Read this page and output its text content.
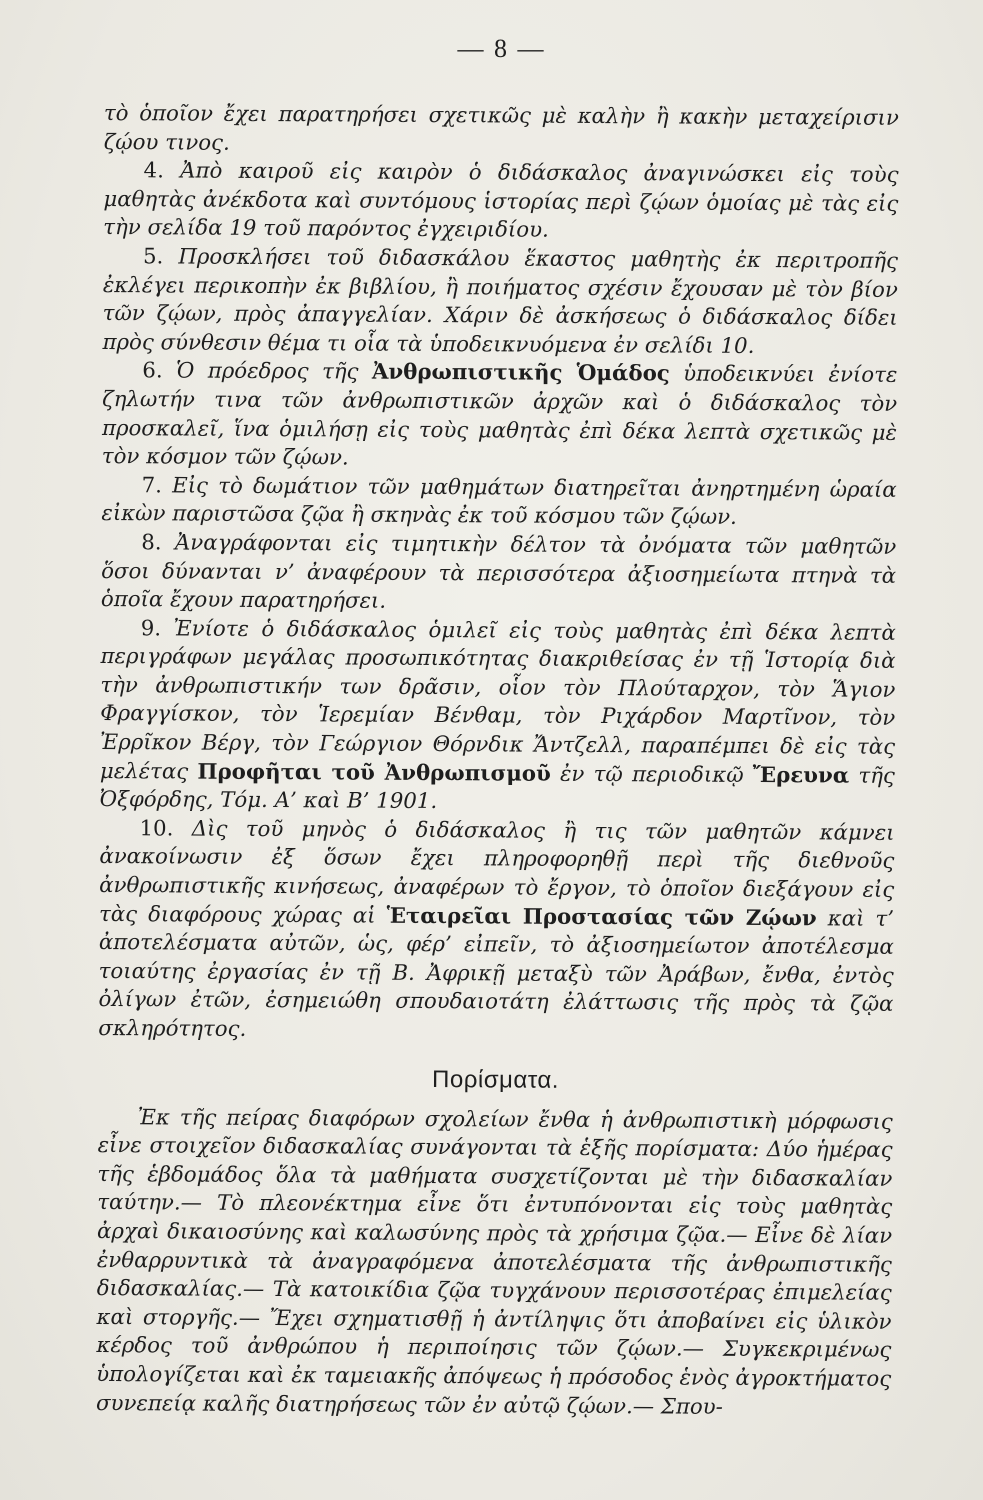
— 8 —

τὸ ὁποῖον ἔχει παρατηρήσει σχετικῶς μὲ καλὴν ἢ κακὴν μεταχείρισιν ζῴου τινος.

4. Ἀπὸ καιροῦ εἰς καιρὸν ὁ διδάσκαλος ἀναγινώσκει εἰς τοὺς μαθητὰς ἀνέκδοτα καὶ συντόμους ἱστορίας περὶ ζῴων ὁμοίας μὲ τὰς εἰς τὴν σελίδα 19 τοῦ παρόντος ἐγχειριδίου.

5. Προσκλήσει τοῦ διδασκάλου ἕκαστος μαθητὴς ἐκ περιτροπῆς ἐκλέγει περικοπὴν ἐκ βιβλίου, ἢ ποιήματος σχέσιν ἔχουσαν μὲ τὸν βίον τῶν ζῴων, πρὸς ἀπαγγελίαν. Χάριν δὲ ἀσκήσεως ὁ διδάσκαλος δίδει πρὸς σύνθεσιν θέμα τι οἷα τὰ ὑποδεικνυόμενα ἐν σελίδι 10.

6. Ὁ πρόεδρος τῆς Ἀνθρωπιστικῆς Ὁμάδος ὑποδεικνύει ἐνίοτε ζηλωτήν τινα τῶν ἀνθρωπιστικῶν ἀρχῶν καὶ ὁ διδάσκαλος τὸν προσκαλεῖ, ἵνα ὁμιλήσῃ εἰς τοὺς μαθητὰς ἐπὶ δέκα λεπτὰ σχετικῶς μὲ τὸν κόσμον τῶν ζῴων.

7. Εἰς τὸ δωμάτιον τῶν μαθημάτων διατηρεῖται ἀνηρτημένη ὡραία εἰκὼν παριστῶσα ζῷα ἢ σκηνὰς ἐκ τοῦ κόσμου τῶν ζῴων.

8. Ἀναγράφονται εἰς τιμητικὴν δέλτον τὰ ὀνόματα τῶν μαθητῶν ὅσοι δύνανται ν’ ἀναφέρουν τὰ περισσότερα ἀξιοσημείωτα πτηνὰ τὰ ὁποῖα ἔχουν παρατηρήσει.

9. Ἐνίοτε ὁ διδάσκαλος ὁμιλεῖ εἰς τοὺς μαθητὰς ἐπὶ δέκα λεπτὰ περιγράφων μεγάλας προσωπικότητας διακριθείσας ἐν τῇ Ἱστορίᾳ διὰ τὴν ἀνθρωπιστικήν των δρᾶσιν, οἷον τὸν Πλούταρχον, τὸν Ἅγιον Φραγγίσκον, τὸν Ἱερεμίαν Βένθαμ, τὸν Ριχάρδον Μαρτῖνον, τὸν Ἐρρῖκον Βέργ, τὸν Γεώργιον Θόρνδικ Ἄντζελλ, παραπέμπει δὲ εἰς τὰς μελέτας Προφῆται τοῦ Ἀνθρωπισμοῦ ἐν τῷ περιοδικῷ Ἔρευνα τῆς Ὀξφόρδης, Τόμ. Α’ καὶ Β’ 1901.

10. Δὶς τοῦ μηνὸς ὁ διδάσκαλος ἢ τις τῶν μαθητῶν κάμνει ἀνακοίνωσιν ἐξ ὅσων ἔχει πληροφορηθῇ περὶ τῆς διεθνοῦς ἀνθρωπιστικῆς κινήσεως, ἀναφέρων τὸ ἔργον, τὸ ὁποῖον διεξάγουν εἰς τὰς διαφόρους χώρας αἱ Ἑταιρεῖαι Προστασίας τῶν Ζῴων καὶ τ’ ἀποτελέσματα αὐτῶν, ὡς, φέρ’ εἰπεῖν, τὸ ἀξιοσημείωτον ἀποτέλεσμα τοιαύτης ἐργασίας ἐν τῇ Β. Ἀφρικῇ μεταξὺ τῶν Ἀράβων, ἔνθα, ἐντὸς ὀλίγων ἐτῶν, ἐσημειώθη σπουδαιοτάτη ἐλάττωσις τῆς πρὸς τὰ ζῷα σκληρότητος.

Πορίσματα.

Ἐκ τῆς πείρας διαφόρων σχολείων ἔνθα ἡ ἀνθρωπιστικὴ μόρφωσις εἶνε στοιχεῖον διδασκαλίας συνάγονται τὰ ἑξῆς πορίσματα: Δύο ἡμέρας τῆς ἑβδομάδος ὅλα τὰ μαθήματα συσχετίζονται μὲ τὴν διδασκαλίαν ταύτην.— Τὸ πλεονέκτημα εἶνε ὅτι ἐντυπόνονται εἰς τοὺς μαθητὰς ἀρχαὶ δικαιοσύνης καὶ καλωσύνης πρὸς τὰ χρήσιμα ζῷα.— Εἶνε δὲ λίαν ἐνθαρρυντικὰ τὰ ἀναγραφόμενα ἀποτελέσματα τῆς ἀνθρωπιστικῆς διδασκαλίας.— Τὰ κατοικίδια ζῷα τυγχάνουν περισσοτέρας ἐπιμελείας καὶ στοργῆς.— Ἔχει σχηματισθῇ ἡ ἀντίληψις ὅτι ἀποβαίνει εἰς ὑλικὸν κέρδος τοῦ ἀνθρώπου ἡ περιποίησις τῶν ζῴων.— Συγκεκριμένως ὑπολογίζεται καὶ ἐκ ταμειακῆς ἀπόψεως ἡ πρόσοδος ἑνὸς ἀγροκτήματος συνεπείᾳ καλῆς διατηρήσεως τῶν ἐν αὐτῷ ζῴων.— Σπου-
